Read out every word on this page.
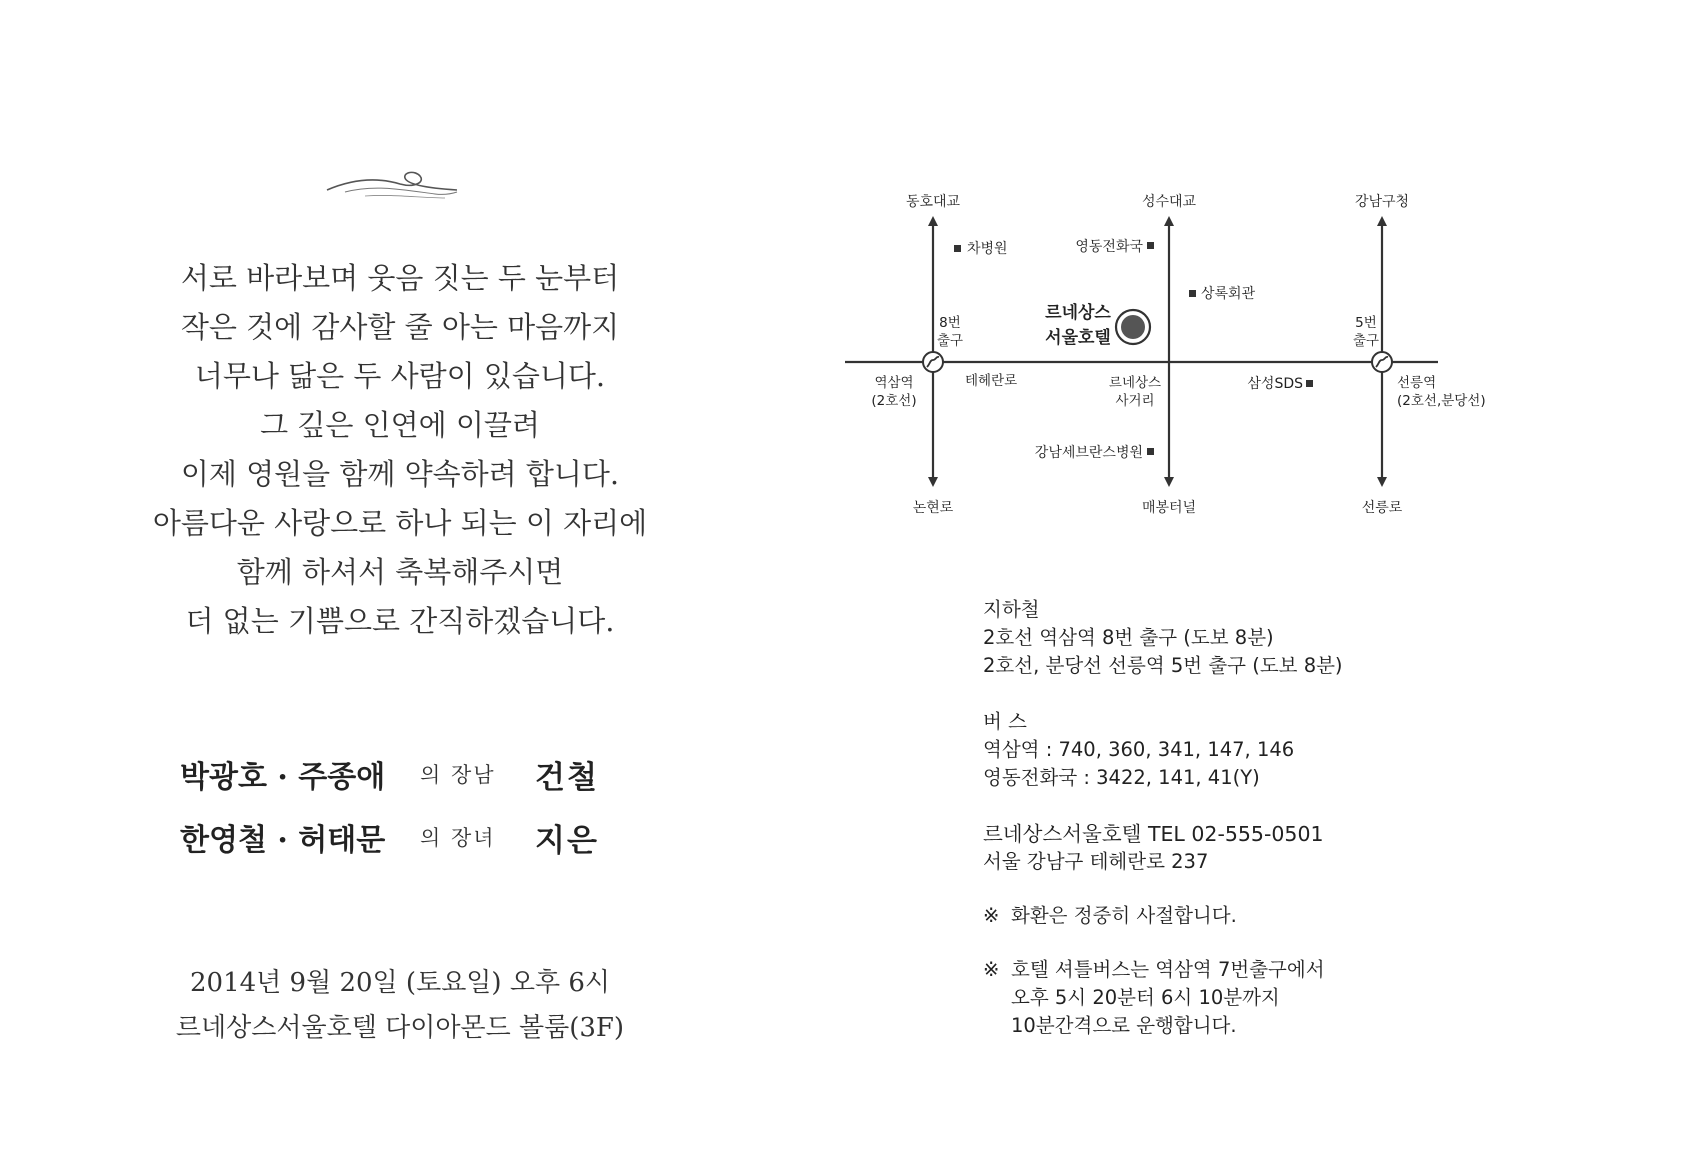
서로 바라보며 웃음 짓는 두 눈부터
작은 것에 감사할 줄 아는 마음까지
너무나 닮은 두 사람이 있습니다.
그 깊은 인연에 이끌려
이제 영원을 함께 약속하려 합니다.
아름다운 사랑으로 하나 되는 이 자리에
함께 하셔서 축복해주시면
더 없는 기쁨으로 간직하겠습니다.
박광호 · 주종애	의 장남	건철
한영철 · 허태문	의 장녀	지은
2014년 9월 20일 (토요일) 오후 6시
르네상스서울호텔 다이아몬드 볼룸(3F)
동호대교	성수대교	강남구청
논현로	매봉터널	선릉로
차병원	영동전화국
상록회관
삼성SDS
강남세브란스병원
르네상스
서울호텔
8번
출구
5번
출구
역삼역
(2호선)
선릉역
(2호선,분당선)
테헤란로	르네상스
사거리
지하철
2호선 역삼역 8번 출구 (도보 8분)
2호선, 분당선 선릉역 5번 출구 (도보 8분)
버 스
역삼역 : 740, 360, 341, 147, 146
영동전화국 : 3422, 141, 41(Y)
르네상스서울호텔 TEL 02-555-0501
서울 강남구 테헤란로 237
※ 화환은 정중히 사절합니다.
※ 호텔 셔틀버스는 역삼역 7번출구에서
오후 5시 20분터 6시 10분까지
10분간격으로 운행합니다.
